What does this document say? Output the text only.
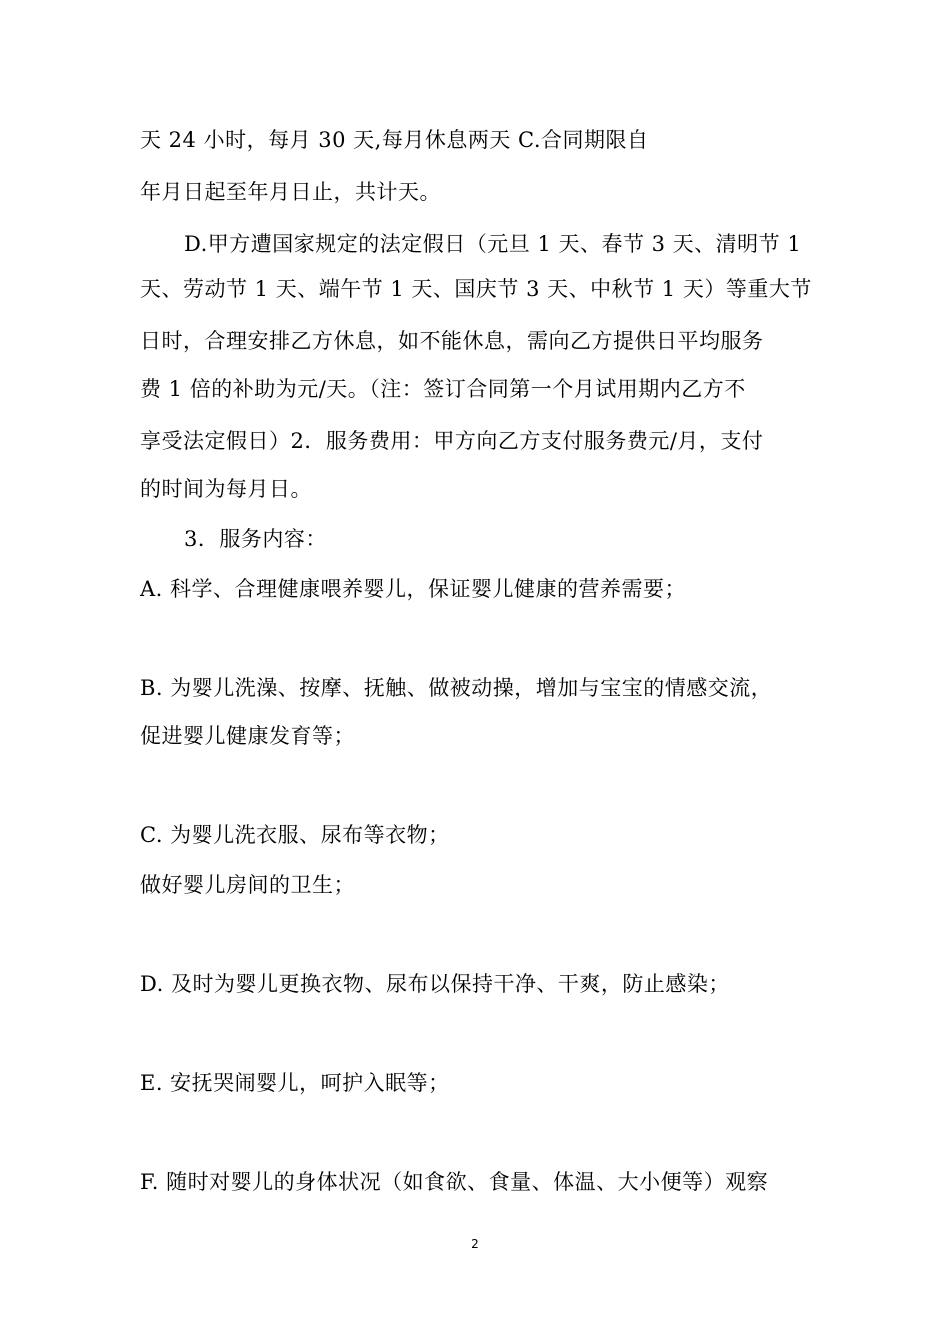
天 24 小时，每月 30 天,每月休息两天 C.合同期限自
年月日起至年月日止，共计天。
D.甲方遭国家规定的法定假日（元旦 1 天、春节 3 天、清明节 1
天、劳动节 1 天、端午节 1 天、国庆节 3 天、中秋节 1 天）等重大节
日时，合理安排乙方休息，如不能休息，需向乙方提供日平均服务
费 1 倍的补助为元/天。（注：签订合同第一个月试用期内乙方不
享受法定假日）2．服务费用：甲方向乙方支付服务费元/月，支付
的时间为每月日。
3．服务内容：
A. 科学、合理健康喂养婴儿，保证婴儿健康的营养需要；
B. 为婴儿洗澡、按摩、抚触、做被动操，增加与宝宝的情感交流，
促进婴儿健康发育等；
C. 为婴儿洗衣服、尿布等衣物；
做好婴儿房间的卫生；
D. 及时为婴儿更换衣物、尿布以保持干净、干爽，防止感染；
E. 安抚哭闹婴儿，呵护入眠等；
F. 随时对婴儿的身体状况（如食欲、食量、体温、大小便等）观察
2
